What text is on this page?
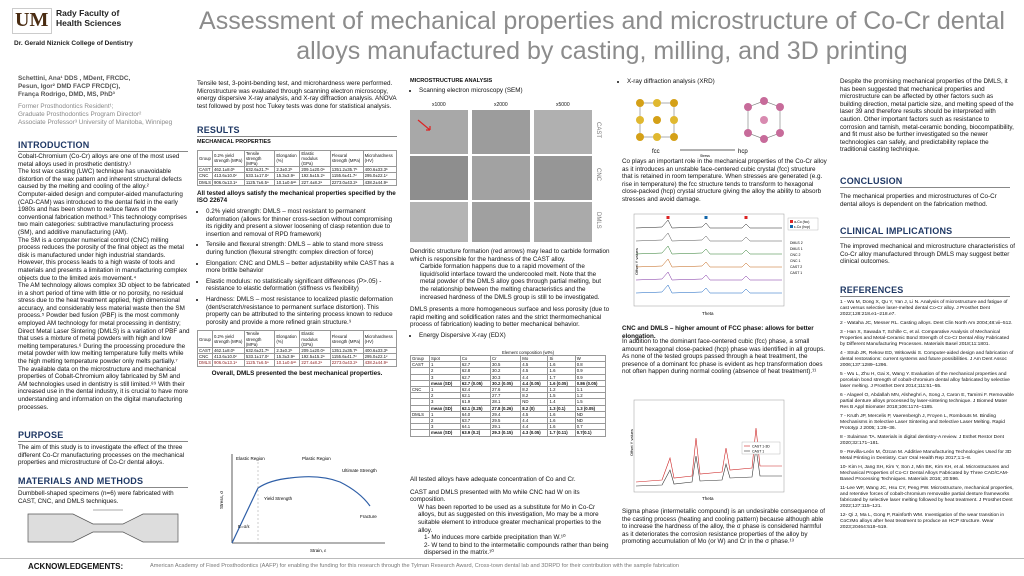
UM Rady Faculty of
Health Sciences
Dr. Gerald Niznick College of Dentistry
Assessment of mechanical properties and microstructure of Co-Cr dental alloys manufactured by casting, milling, and 3D printing
Schettini, Ana¹ DDS , MDent, FRCDC,
Pesun, Igor² DMD FACP FRCD(C),
França Rodrigo, DMD, MS, PhD³
Former Prosthodontics Resident¹;
Graduate Prosthodontics Program Director²
Associate Professor³ University of Manitoba, Winnipeg
INTRODUCTION

Cobalt-Chromium (Co-Cr) alloys are one of the most used metal alloys used in prosthetic dentistry.¹

The lost wax casting (LWC) technique has unavoidable distortion of the wax pattern and inherent structural defects caused by the melting and cooling of the alloy.²

Computer-aided design and computer-aided manufacturing (CAD-CAM) was introduced to the dental field in the early 1980s and has been shown to reduce flaws of the conventional fabrication method.³ This technology comprises two main categories: subtractive manufacturing process (SM), and additive manufacturing (AM).

The SM is a computer numerical control (CNC) milling process reduces the porosity of the final object as the metal disk is manufactured under high industrial standards. However, this process leads to a high waste of tools and materials and presents a limitation in manufacturing complex objects due to the limited axis movement.⁴

The AM technology allows complex 3D object to be fabricated in a short period of time with little or no porosity, no residual stress due to the heat treatment applied, high dimensional accuracy, and considerably less material waste then the SM process.⁵ Powder bed fusion (PBF) is the most commonly employed AM technology for metal processing in dentistry; Direct Metal Laser Sintering (DMLS) is a variation of PBF and that uses a mixture of metal powders with high and low melting temperatures.⁶ During the processing procedure the metal powder with low melting temperature fully melts while the high melting temperature powder only melts partially.⁷

The available data on the microstructure and mechanical properties of Cobalt-Chromium alloy fabricated by SM and AM technologies used in dentistry is still limited.⁸⁹ With their increased use in the dental industry, it is crucial to have more understanding and information on the digital manufacturing processes.

PURPOSE

The aim of this study is to investigate the effect of the three different Co-Cr manufacturing processes on the mechanical properties and microstructure of Co-Cr dental alloys.

MATERIALS AND METHODS

Dumbbell-shaped specimens (n=6) were fabricated with CAST, CNC, and DMLS techniques.

Tensile test, 3-point-bending test, and microhardness were performed. Microstructure was evaluated through scanning electron microscopy, energy dispersive X-ray analysis, and X-ray diffraction analysis. ANOVA test followed by post hoc Tukey tests was done for statistical analysis.
RESULTS
MECHANICAL PROPERTIES
Group	0.2% yield strength (MPa)	Tensile strength (MPa)	Elongation (%)	Elastic modulus (GPa)	Flexural strength (MPa)	Microhardness (HV)
CAST	462.1±8.0ᵇ	632.6±21.7ᵇ	2.3±0.2ᵇ	209.1±20.0ᵃ	1351.2±35.7ᵇ	400.6±33.3ᵇ
CNC	413.6±10.0ᶜ	533.1±17.0ᶜ	15.3±3.9ᵃ	192.5±15.2ᵃ	1155.6±41.7ᶜ	295.0±22.1ᶜ
DMLS	906.0±13.1ᵃ	1125.7±6.5ᵃ	10.1±0.6ᵃᵇ	227.4±8.2ᵃ	2273.0±43.2ᵃ	438.2±44.9ᵃ
All tested alloys satisfy the mechanical properties specified by the ISO 22674
• 0.2% yield strength: DMLS – most resistant to permanent deformation (allows for thinner cross-section without compromising its rigidity and present a slower loosening of clasp retention due to insertion and removal of RPD framework)
• Tensile and flexural strength: DMLS – able to stand more stress during function (flexural strength: complex direction of force)
• Elongation: CNC and DMLS – better adjustability while CAST has a more brittle behavior
• Elastic modulus: no statistically significant differences (P>.05) - resistance to elastic deformation (stiffness vs flexibility)
• Hardness: DMLS – most resistance to localized plastic deformation (dent/scratch/resistance to permanent surface distortion). This property can be attributed to the sintering process known to reduce porosity and provide a more refined grain structure.⁹
Group	0.2% yield strength (MPa)	Tensile strength (MPa)	Elongation (%)	Elastic modulus (GPa)	Flexural strength (MPa)	Microhardness (HV)
CAST	462.1±8.0ᵇ	632.6±21.7ᵇ	2.3±0.2ᵇ	209.1±20.0ᵃ	1351.2±35.7ᵇ	400.6±33.3ᵇ
CNC	413.6±10.0ᶜ	533.1±17.0ᶜ	15.3±3.9ᵃ	192.5±15.2ᵃ	1155.6±41.7ᶜ	295.0±22.1ᶜ
DMLS	906.0±13.1ᵃ	1125.7±6.5ᵃ	10.1±0.6ᵃᵇ	227.4±8.2ᵃ	2273.0±43.2ᵃ	438.2±44.9ᵃ
Overall, DMLS presented the best mechanical properties.
Elastic Region	Plastic Region
Ultimate Strength
Yield Strength
Fracture
E=σ/ε
Stress, σ
Strain, ε
MICROSTRUCTURE ANALYSIS
• Scanning electron microscopy (SEM)
x1000	x2000	x5000
CAST
CNC
DMLS

Dendritic structure formation (red arrows) may lead to carbide formation which is responsible for the hardness of the CAST alloy.

Carbide formation happens due to a rapid movement of the liquid/solid interface toward the undercooled melt. Note that the metal powder of the DMLS alloy goes through partial melting, but the relationship between the melting characteristics and the increased hardness of the DMLS group is still to be investigated.

DMLS presents a more homogeneous surface and less porosity (due to rapid melting and solidification rates and the strict thermomechanical process of fabrication) leading to better mechanical behavior.

• Energy Dispersive X-ray (EDX)
Element composition (wt%)
Group	Spot	Co	Cr	Mo	Si	W
CAST	1	62.7	30.5	4.5	1.6	0.8
	2	62.8	30.2	4.5	1.6	0.9
	3	62.7	30.3	4.4	1.7	0.9
	mean (SD)	62.7 (0.05)	30.2 (0.05)	4.4 (0.05)	1.6 (0.05)	0.86 (0.05)
CNC	1	62.4	27.6	8.2	1.2	1.1
	2	62.1	27.7	8.2	1.5	1.2
	3	61.9	28.1	ND	1.4	1.5
	mean (SD)	62.1 (0.25)	27.8 (0.26)	8.2 (0)	1.3 (0.1)	1.3 (0.05)
DMLS	1	64.0	29.4	4.5	1.6	ND
	2	63.7	29.5	4.4	1.6	ND
	3	64.1	29.1	4.4	1.6	0.7
	mean (SD)	63.9 (0.2)	29.3 (0.15)	4.3 (0.05)	1.7 (0.11)	0.7(0.1)

All tested alloys have adequate concentration of Co and Cr.

CAST and DMLS presented with Mo while CNC had W on its composition.

W has been reported to be used as a substitute for Mo in Co-Cr alloys, but as suggested on this investigation, Mo may be a more suitable element to introduce greater mechanical properties to the alloy.

1- Mo induces more carbide precipitation than W.¹⁰

2- W tend to bind to the intermetallic compounds rather than being dispersed in the matrix.¹⁰

• X-ray diffraction analysis (XRD)
fcc	hcp
Stress
Co plays an important role in the mechanical properties of the Co-Cr alloy as it introduces an unstable face-centered cubic crystal (fcc) structure that is retained in room temperature. When stresses are generated (e.g. rise in temperature) the fcc structure tends to transform to hexagonal close-packed (hcp) crystal structure giving the alloy the ability to absorb stresses and avoid damage.
Offset Y values
Theta
α-Co (fcc)
ε-Co (hcp)
DMLS 2
DMLS 1
CNC 2
CNC 1
CAST 2
CAST 1
CNC and DMLS – higher amount of FCC phase: allows for better elongation.
In addition to the dominant face-centered cubic (fcc) phase, a small amount hexagonal close-packed (hcp) phase was identified in all groups. As none of the tested groups passed through a heat treatment, the presence of a dominant fcc phase is evident as hcp transformation does not often happen during normal cooling (absence of heat treatment).¹¹
Offset Y values
Theta
CAST 1-3D
CAST 1
Sigma phase (intermetallic compound) is an undesirable consequence of the casting process (heating and cooling pattern) because although able to increase the hardness of the alloy, the σ phase is considered harmful as it deteriorates the corrosion resistance properties of the alloy by promoting accumulation of Mo (or W) and Cr in the σ phase.¹³
Despite the promising mechanical properties of the DMLS, it has been suggested that mechanical properties and microstructure can be affected by other factors such as building direction, metal particle size, and melting speed of the laser 39 and therefore results should be interpreted with caution. Other important factors such as resistance to corrosion and tarnish, metal-ceramic bonding, biocompatibility, and fit must also be further investigated so the newer technologies can safely, and predictability replace the traditional casting technique.
CONCLUSION

The mechanical properties and microstructures of Co-Cr dental alloys is dependent on the fabrication method.

CLINICAL IMPLICATIONS

The improved mechanical and microstructure characteristics of Co-Cr alloy manufactured through DMLS may suggest better clinical outcomes.

REFERENCES

1 - Wu M, Dong X, Qu Y, Yan J, Li N. Analysis of microstructure and fatigue of cast versus selective laser-melted dental Co-Cr alloy. J Prosthet Dent 2022;128:218.e1–218.e7.

2 - Wataha JC, Messer RL. Casting alloys. Dent Clin North Am 2004;48:vii–512.

3 - Han X, Sawada T, Schille C, et al. Comparative Analysis of Mechanical Properties and Metal-Ceramic Bond Strength of Co-Cr Dental Alloy Fabricated by Different Manufacturing Processes. Materials Basel 2018;11:1801.

4 - Strub JR, Rekow ED, Witkowski S. Computer-aided design and fabrication of dental restorations: current systems and future possibilities. J Am Dent Assoc 2006;137:1289–1296.

5 - Wu L, Zhu H, Gai X, Wang Y. Evaluation of the mechanical properties and porcelain bond strength of cobalt-chromium dental alloy fabricated by selective laser melting. J Prosthet Dent 2014;111:51–55.

6 - Alageel O, Abdallah MN, Alsheghri A, Song J, Caron E, Tamimi F. Removable partial denture alloys processed by laser-sintering technique. J Biomed Mater Res B Appl Biomater 2018;106:1174–1185.

7 - Kruth JP, Mercelis P, Vaerenbergh J, Froyen L, Rombouts M. Binding Mechanisms in Selective Laser Sintering and Selective Laser Melting. Rapid Prototyp J 2005; 1:26–36.

8 - Sulaiman TA. Materials in digital dentistry-A review. J Esthet Restor Dent 2020;32:171–181.

9 - Revilla-León M, Özcan M. Additive Manufacturing Technologies Used for 3D Metal Printing in Dentistry. Curr Oral Health Rep 2017;1:1–8.

10- Kim H, Jang SH, Kim Y, Son J, Min BK, Kim KH, et al. Microstructures and Mechanical Properties of Co-Cr Dental Alloys Fabricated by Three CAD/CAM-Based Processing Techniques. Materials 2016; 20:596.

11-Lee WF, Wang JC, Hsu CY, Peng PW. Microstructure, mechanical properties, and retentive forces of cobalt-chromium removable partial denture frameworks fabricated by selective laser melting followed by heat treatment. J Prosthet Dent 2022;127:115–121.

12- Qi J, Ma L, Gong P, Rainforth WM. Investigation of the wear transition in CoCrMo alloys after heat treatment to produce an HCP structure. Wear 2023;20464:518–519.

ACKNOWLEDGEMENTS:	American Academy of Fixed Prosthodontics (AAFP) for enabling the funding for this research through the Tylman Research Award, Cross-town dental lab and 3DRPD for their contribution with the sample fabrication
